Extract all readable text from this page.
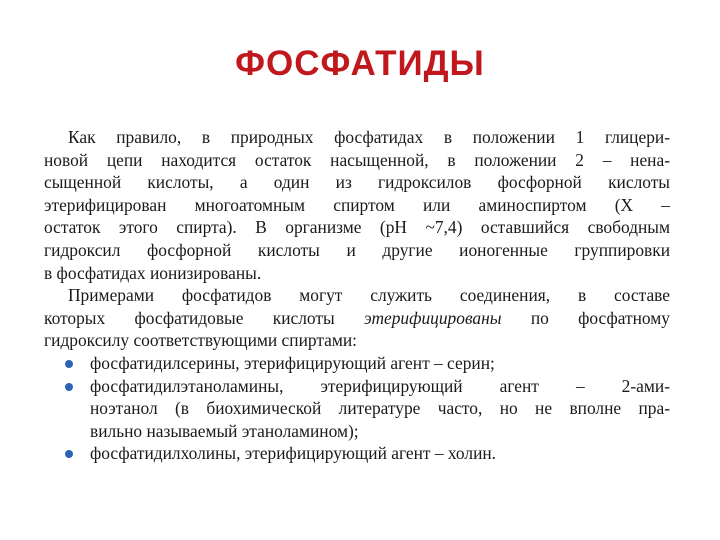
ФОСФАТИДЫ
Как правило, в природных фосфатидах в положении 1 глицери-
новой цепи находится остаток насыщенной, в положении 2 – нена-
сыщенной кислоты, а один из гидроксилов фосфорной кислоты
этерифицирован многоатомным спиртом или аминоспиртом (X –
остаток этого спирта). В организме (pH ~7,4) оставшийся свободным
гидроксил фосфорной кислоты и другие ионогенные группировки
в фосфатидах ионизированы.
Примерами фосфатидов могут служить соединения, в составе
которых фосфатидовые кислоты этерифицированы по фосфатному
гидроксилу соответствующими спиртами:
фосфатидилсерины, этерифицирующий агент – серин;
фосфатидилэтаноламины, этерифицирующий агент – 2-ами-
ноэтанол (в биохимической литературе часто, но не вполне пра-
вильно называемый этаноламином);
фосфатидилхолины, этерифицирующий агент – холин.
